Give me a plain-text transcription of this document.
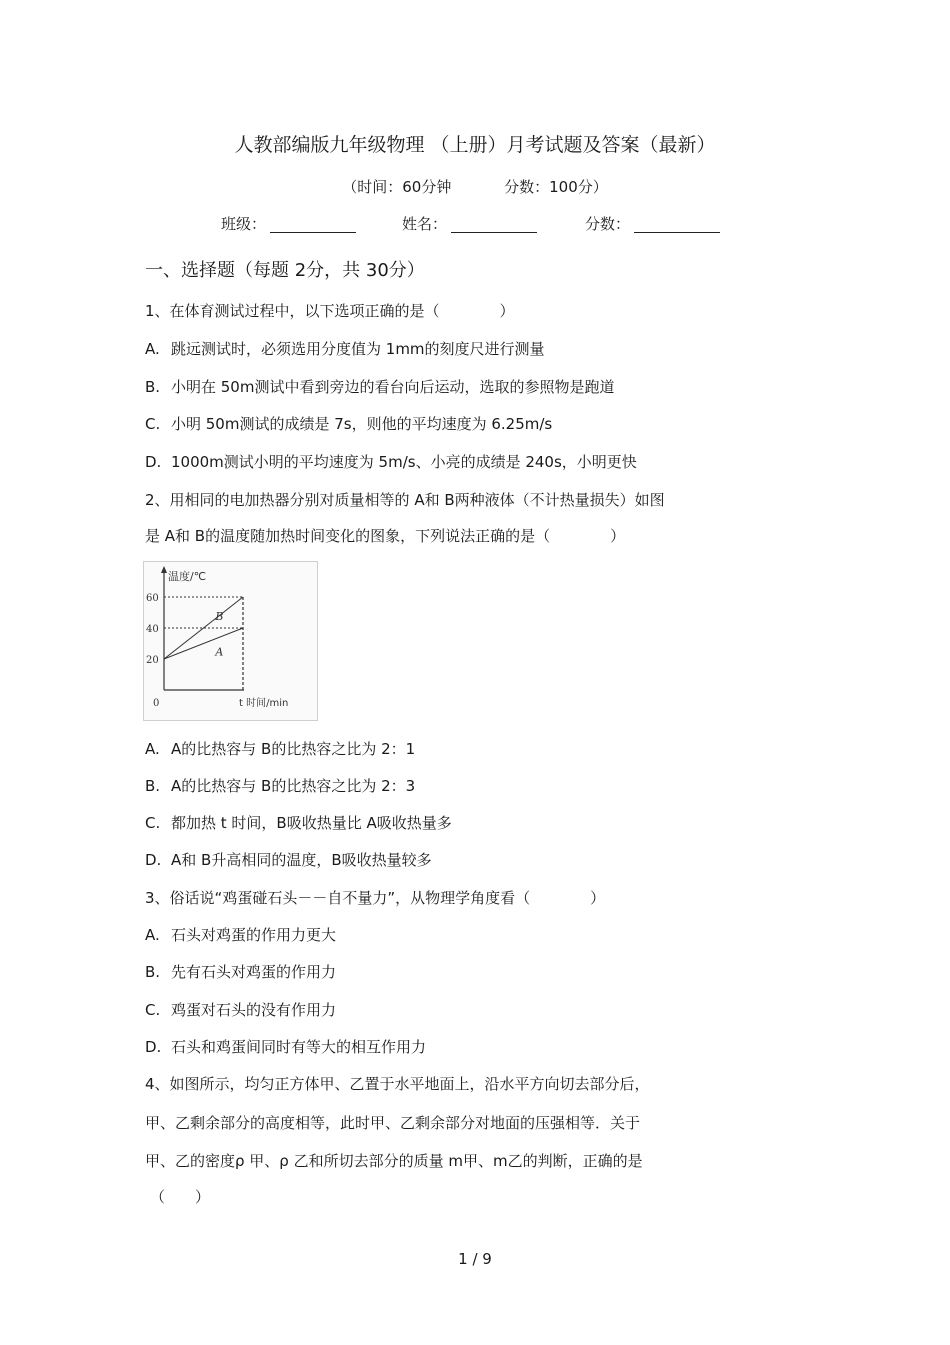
人教部编版九年级物理 （上册）月考试题及答案（最新）
（时间：60分钟	分数：100分）
班级：	姓名：	分数：
一、选择题（每题 2分，共 30分）
1、在体育测试过程中，以下选项正确的是（　　　　）
A. 跳远测试时，必须选用分度值为 1mm的刻度尺进行测量
B. 小明在 50m测试中看到旁边的看台向后运动，选取的参照物是跑道
C. 小明 50m测试的成绩是 7s，则他的平均速度为 6.25m/s
D. 1000m测试小明的平均速度为 5m/s、小亮的成绩是 240s，小明更快
2、用相同的电加热器分别对质量相等的 A和 B两种液体（不计热量损失）如图
是 A和 B的温度随加热时间变化的图象，下列说法正确的是（　　　　）
温度/℃
20
40
60
A
B
0	t 时间/min
A. A的比热容与 B的比热容之比为 2：1
B. A的比热容与 B的比热容之比为 2：3
C. 都加热 t 时间，B吸收热量比 A吸收热量多
D. A和 B升高相同的温度，B吸收热量较多
3、俗话说“鸡蛋碰石头－－自不量力”，从物理学角度看（　　　　）
A. 石头对鸡蛋的作用力更大
B. 先有石头对鸡蛋的作用力
C. 鸡蛋对石头的没有作用力
D. 石头和鸡蛋间同时有等大的相互作用力
4、如图所示，均匀正方体甲、乙置于水平地面上，沿水平方向切去部分后，
甲、乙剩余部分的高度相等，此时甲、乙剩余部分对地面的压强相等．关于
甲、乙的密度ρ 甲、ρ 乙和所切去部分的质量 m甲、m乙的判断，正确的是
（　　）
1 / 9
